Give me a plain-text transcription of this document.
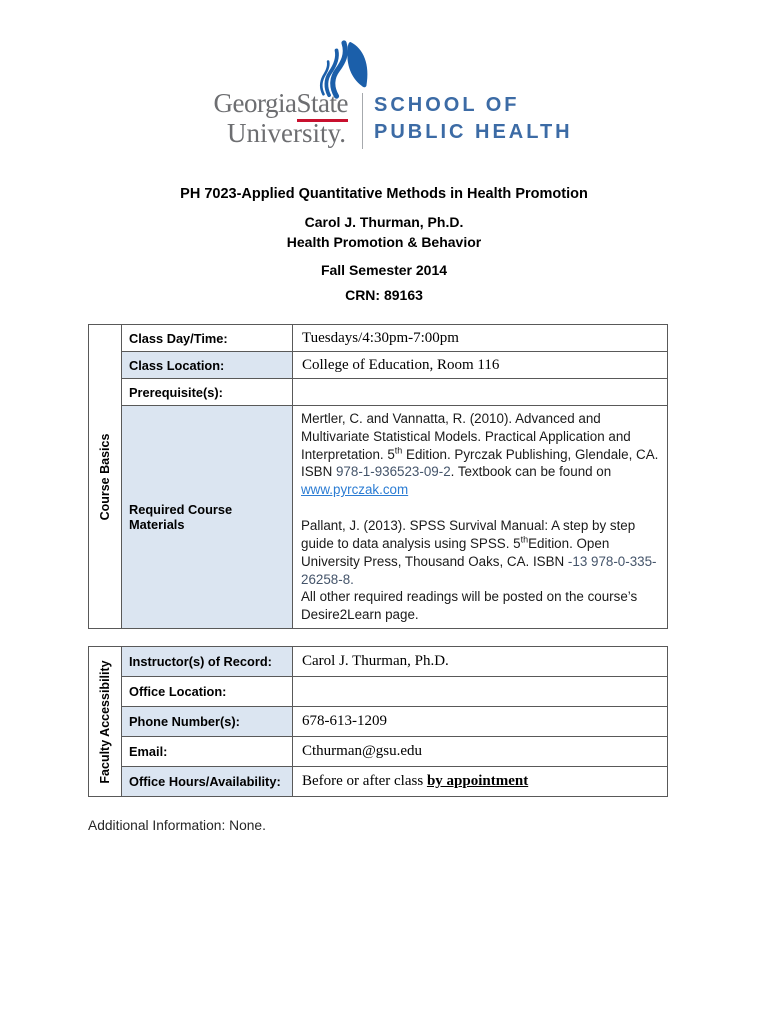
GeorgiaState
University.
SCHOOL OF
PUBLIC HEALTH
PH 7023-Applied Quantitative Methods in Health Promotion
Carol J. Thurman, Ph.D.
Health Promotion & Behavior
Fall Semester 2014
CRN: 89163
Course Basics	Class Day/Time:	Tuesdays/4:30pm-7:00pm
	Class Location:	College of Education, Room 116
	Prerequisite(s):	
	Required Course Materials	Mertler, C. and Vannatta, R. (2010). Advanced and Multivariate Statistical Models. Practical Application and Interpretation. 5th Edition. Pyrczak Publishing, Glendale, CA. ISBN 978-1-936523-09-2. Textbook can be found on
www.pyrczak.com
Pallant, J. (2013). SPSS Survival Manual: A step by step guide to data analysis using SPSS. 5thEdition. Open University Press, Thousand Oaks, CA. ISBN -13 978-0-335-26258-8.
All other required readings will be posted on the course’s Desire2Learn page.
Faculty Accessibility	Instructor(s) of Record:	Carol J. Thurman, Ph.D.
	Office Location:	
	Phone Number(s):	678-613-1209
	Email:	Cthurman@gsu.edu
	Office Hours/Availability:	Before or after class by appointment
Additional Information: None.
